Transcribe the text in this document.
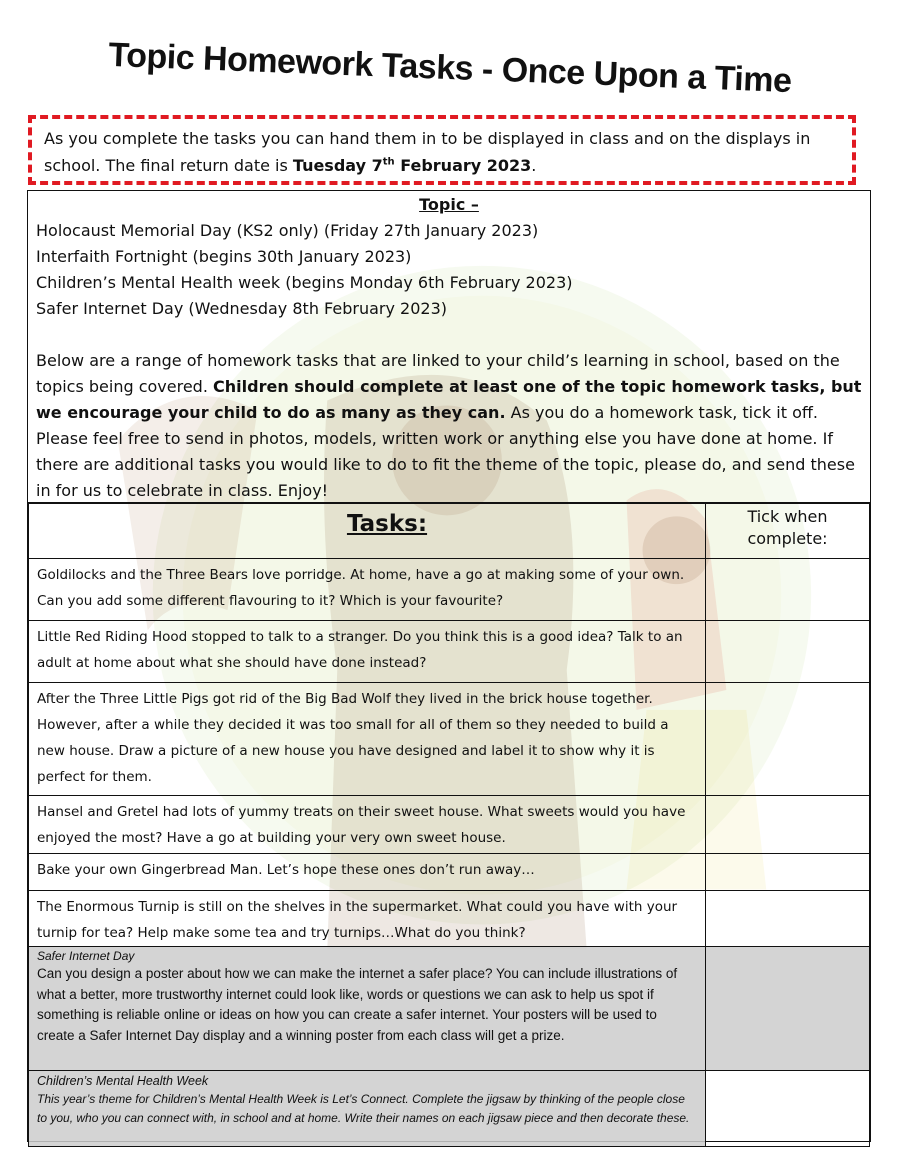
Topic Homework Tasks - Once Upon a Time
As you complete the tasks you can hand them in to be displayed in class and on the displays in school. The final return date is Tuesday 7th February 2023.
Topic –
Holocaust Memorial Day (KS2 only) (Friday 27th January 2023)
Interfaith Fortnight (begins 30th January 2023)
Children’s Mental Health week (begins Monday 6th February 2023)
Safer Internet Day (Wednesday 8th February 2023)
Below are a range of homework tasks that are linked to your child’s learning in school, based on the topics being covered. Children should complete at least one of the topic homework tasks, but we encourage your child to do as many as they can. As you do a homework task, tick it off. Please feel free to send in photos, models, written work or anything else you have done at home. If there are additional tasks you would like to do to fit the theme of the topic, please do, and send these in for us to celebrate in class. Enjoy!
Tasks:	Tick when complete:

Goldilocks and the Three Bears love porridge. At home, have a go at making some of your own. Can you add some different flavouring to it? Which is your favourite?	
Little Red Riding Hood stopped to talk to a stranger. Do you think this is a good idea? Talk to an adult at home about what she should have done instead?	
After the Three Little Pigs got rid of the Big Bad Wolf they lived in the brick house together. However, after a while they decided it was too small for all of them so they needed to build a new house. Draw a picture of a new house you have designed and label it to show why it is perfect for them.	
Hansel and Gretel had lots of yummy treats on their sweet house. What sweets would you have enjoyed the most? Have a go at building your very own sweet house.	
Bake your own Gingerbread Man. Let’s hope these ones don’t run away…	
The Enormous Turnip is still on the shelves in the supermarket. What could you have with your turnip for tea? Help make some tea and try turnips…What do you think?	

Safer Internet Day
Can you design a poster about how we can make the internet a safer place? You can include illustrations of what a better, more trustworthy internet could look like, words or questions we can ask to help us spot if something is reliable online or ideas on how you can create a safer internet. Your posters will be used to create a Safer Internet Day display and a winning poster from each class will get a prize.	

Children’s Mental Health Week
This year’s theme for Children’s Mental Health Week is Let’s Connect. Complete the jigsaw by thinking of the people close to you, who you can connect with, in school and at home. Write their names on each jigsaw piece and then decorate these.	
